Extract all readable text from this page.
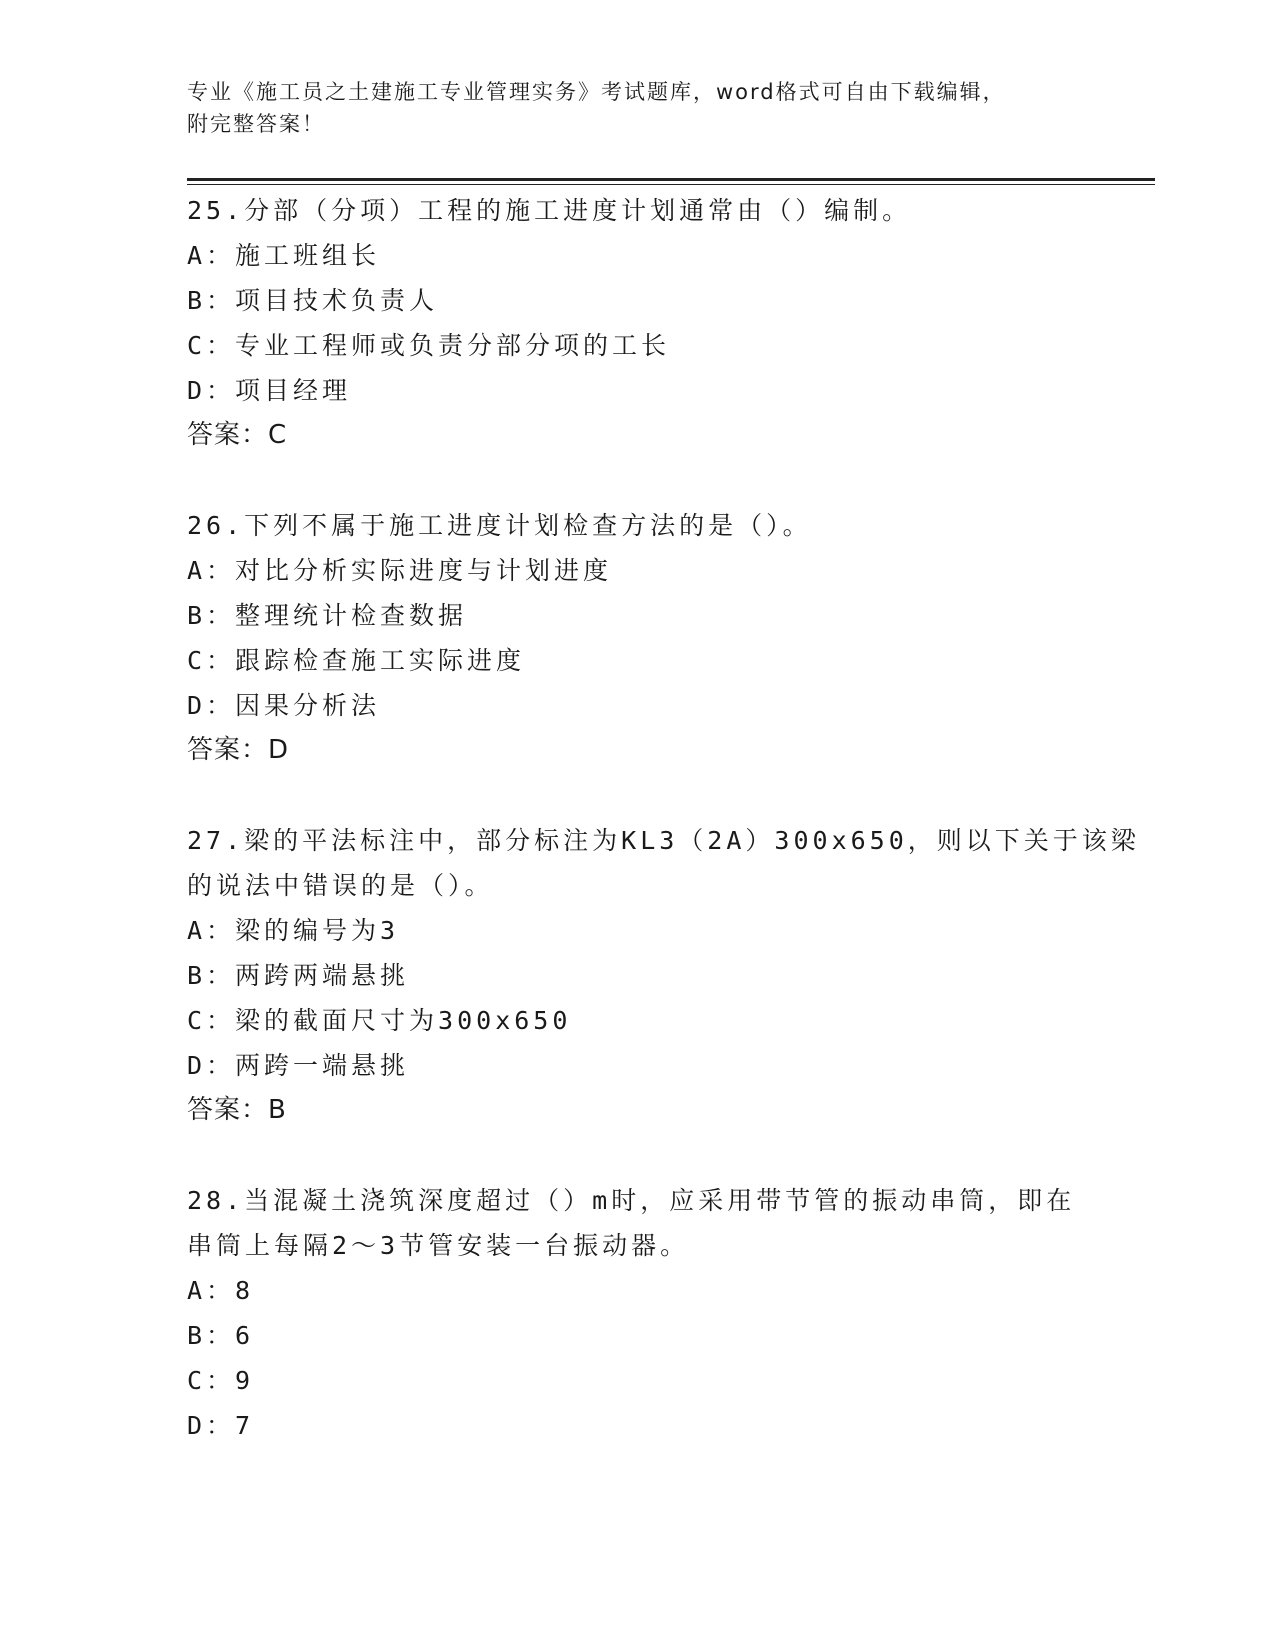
专业《施工员之土建施工专业管理实务》考试题库，word格式可自由下载编辑，
附完整答案！
25.分部（分项）工程的施工进度计划通常由（）编制。
A：施工班组长
B：项目技术负责人
C：专业工程师或负责分部分项的工长
D：项目经理
答案：C
26.下列不属于施工进度计划检查方法的是（）。
A：对比分析实际进度与计划进度
B：整理统计检查数据
C：跟踪检查施工实际进度
D：因果分析法
答案：D
27.梁的平法标注中，部分标注为KL3（2A）300x650，则以下关于该梁
的说法中错误的是（）。
A：梁的编号为3
B：两跨两端悬挑
C：梁的截面尺寸为300x650
D：两跨一端悬挑
答案：B
28.当混凝土浇筑深度超过（）m时，应采用带节管的振动串筒，即在
串筒上每隔2～3节管安装一台振动器。
A：8
B：6
C：9
D：7
